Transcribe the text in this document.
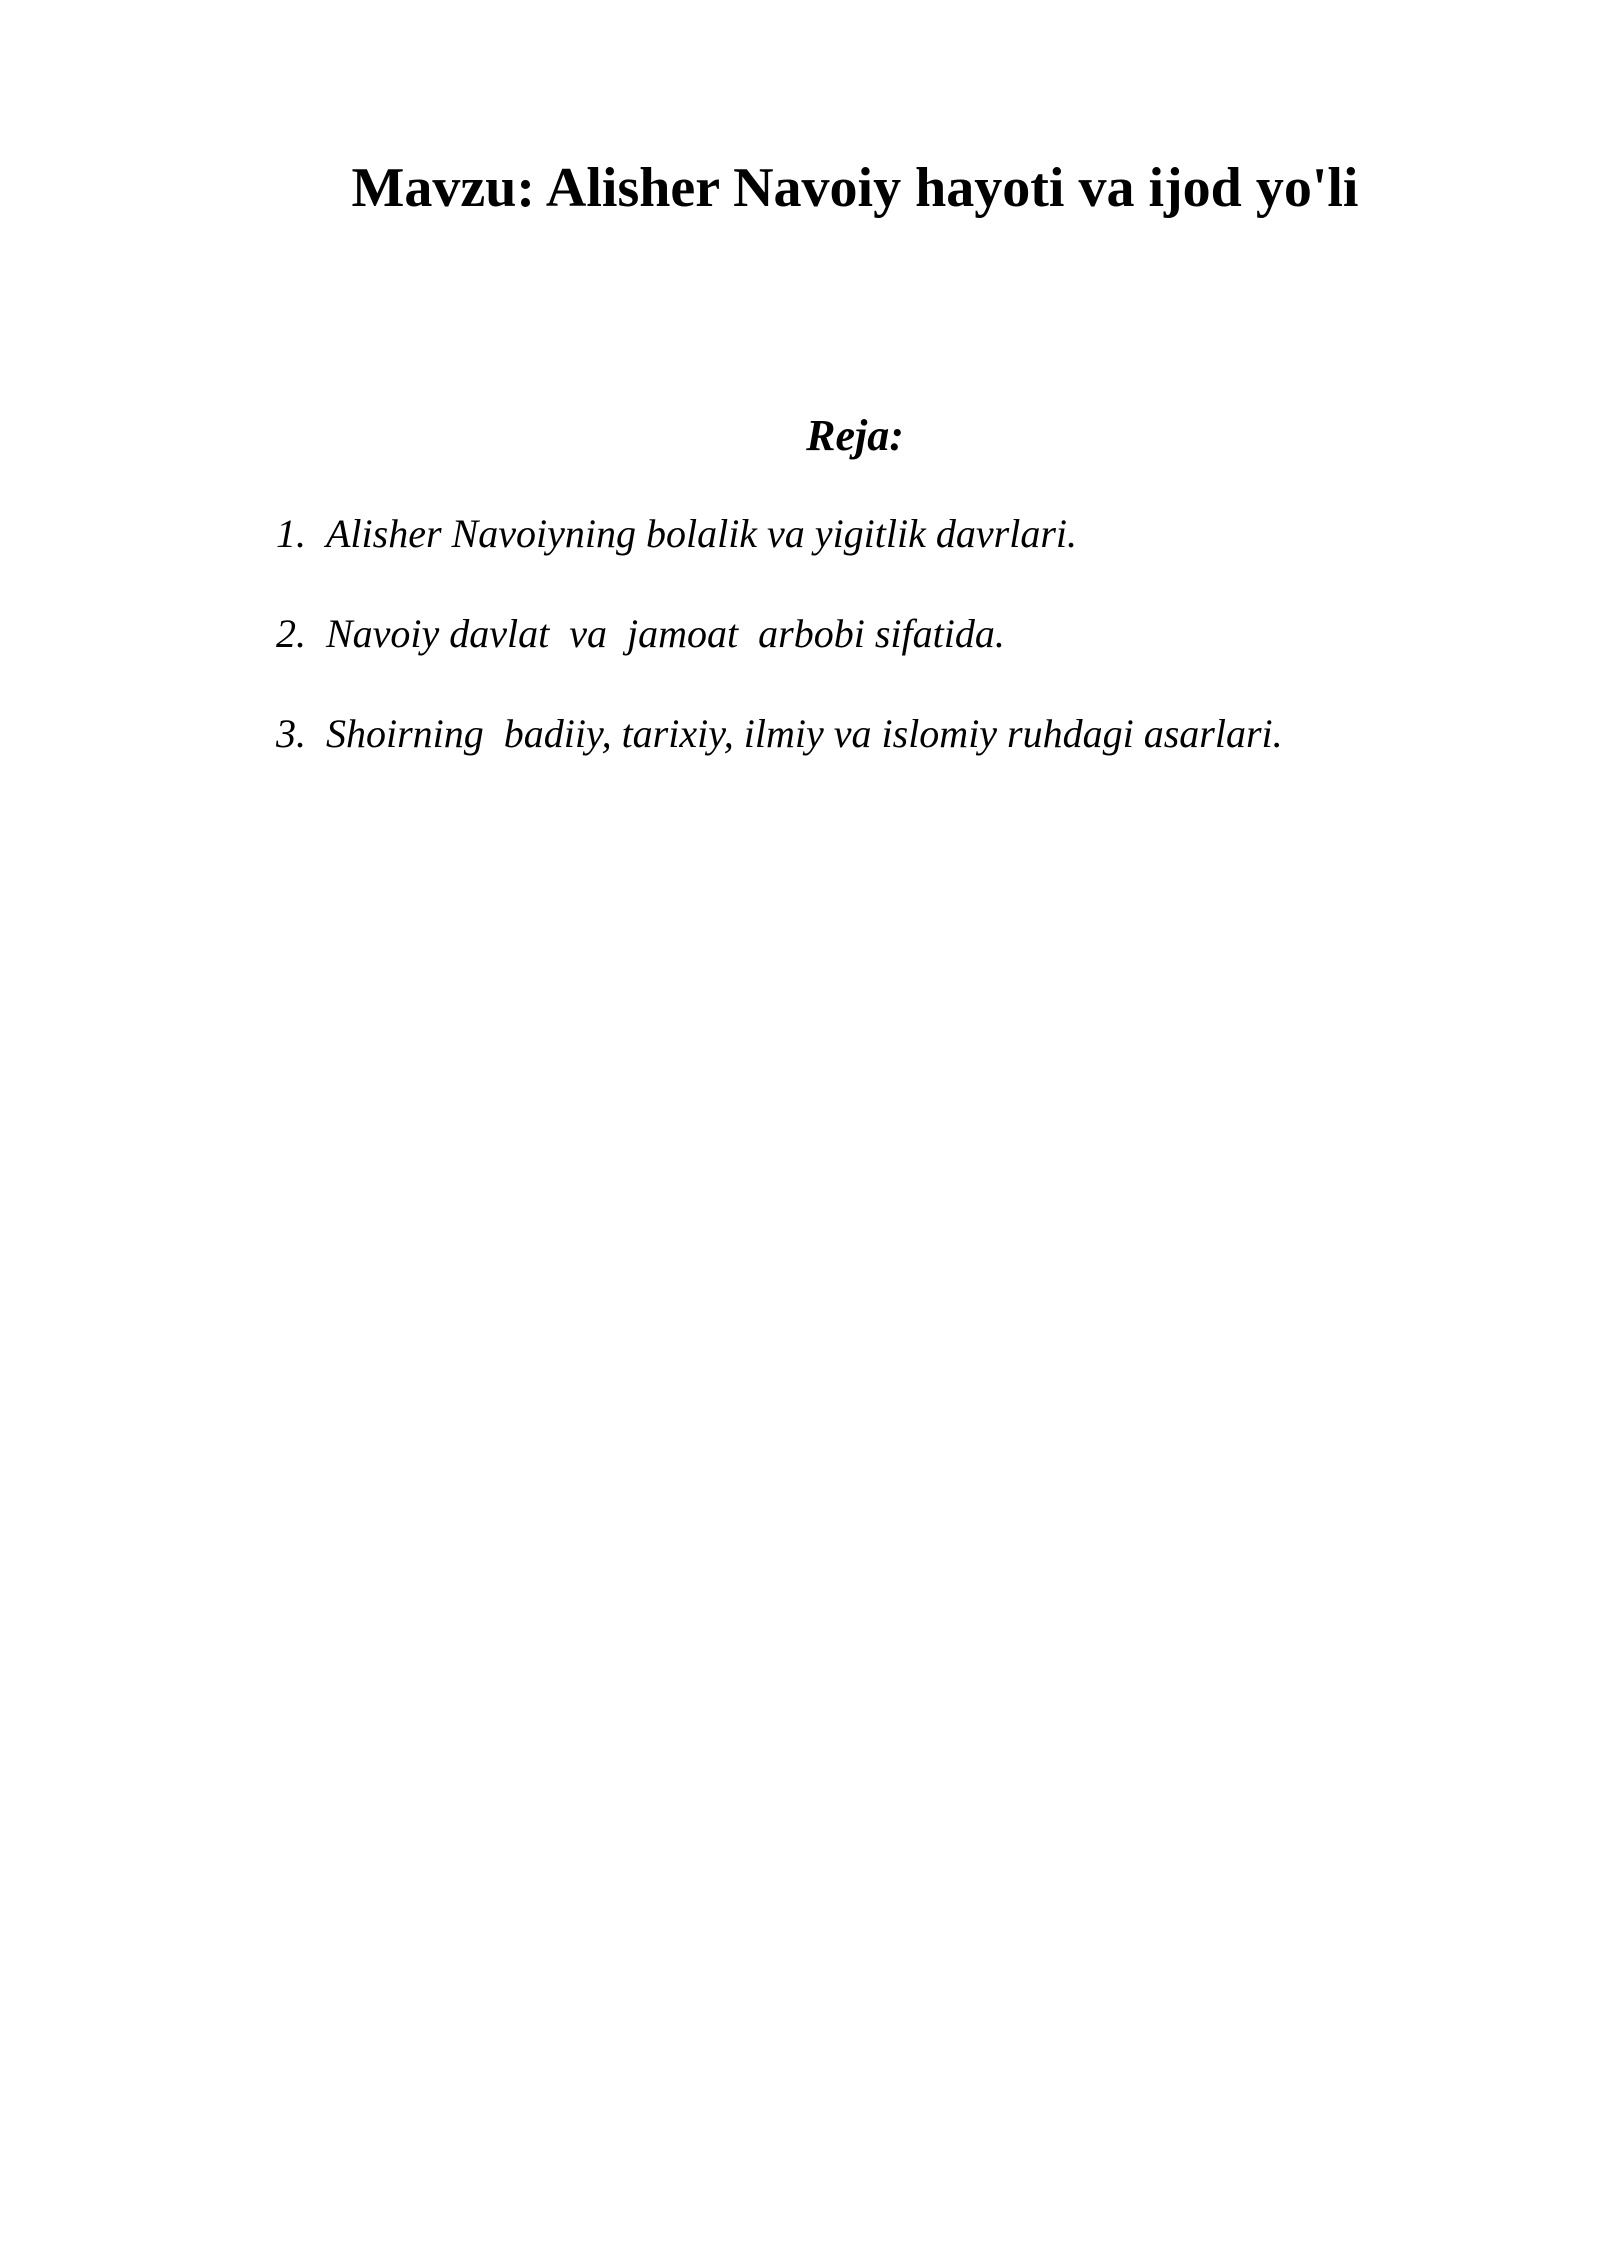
Mavzu: Alisher Navoiy hayoti va ijod yo'li
Reja:
1. Alisher Navoiyning bolalik va yigitlik davrlari.
2. Navoiy davlat  va  jamoat  arbobi sifatida.
3. Shoirning  badiiy, tarixiy, ilmiy va islomiy ruhdagi asarlari.
